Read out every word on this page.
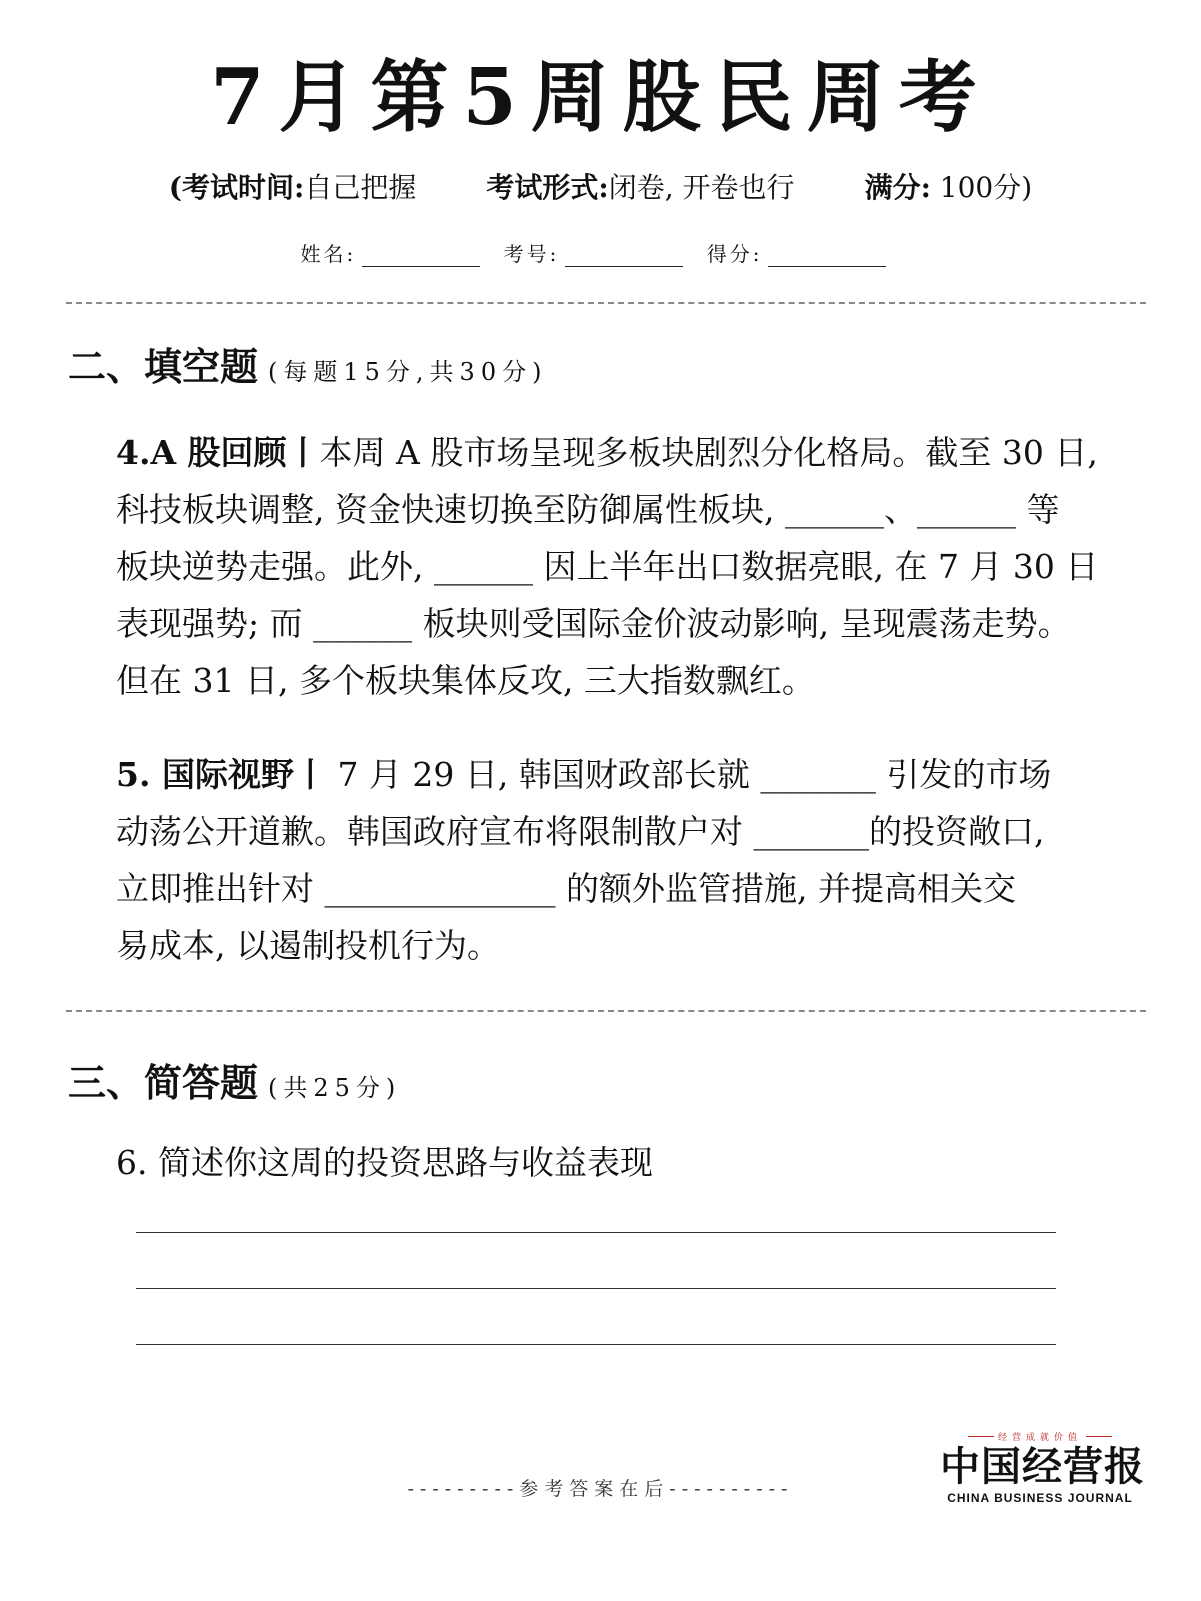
7月第5周股民周考
(考试时间:自己把握	考试形式:闭卷, 开卷也行	满分: 100分)
姓名:	考号:	得分:
二、填空题 (每题15分,共30分)
4.A 股回顾丨本周 A 股市场呈现多板块剧烈分化格局。截至 30 日,
科技板块调整, 资金快速切换至防御属性板块, ______、______ 等
板块逆势走强。此外, ______ 因上半年出口数据亮眼, 在 7 月 30 日
表现强势; 而 ______ 板块则受国际金价波动影响, 呈现震荡走势。
但在 31 日, 多个板块集体反攻, 三大指数飘红。
5. 国际视野丨 7 月 29 日, 韩国财政部长就 _______ 引发的市场
动荡公开道歉。韩国政府宣布将限制散户对 _______的投资敞口,
立即推出针对 ______________ 的额外监管措施, 并提高相关交
易成本, 以遏制投机行为。
三、简答题 (共25分)
6. 简述你这周的投资思路与收益表现
---------参考答案在后----------
经营成就价值
中国经营报
CHINA BUSINESS JOURNAL
